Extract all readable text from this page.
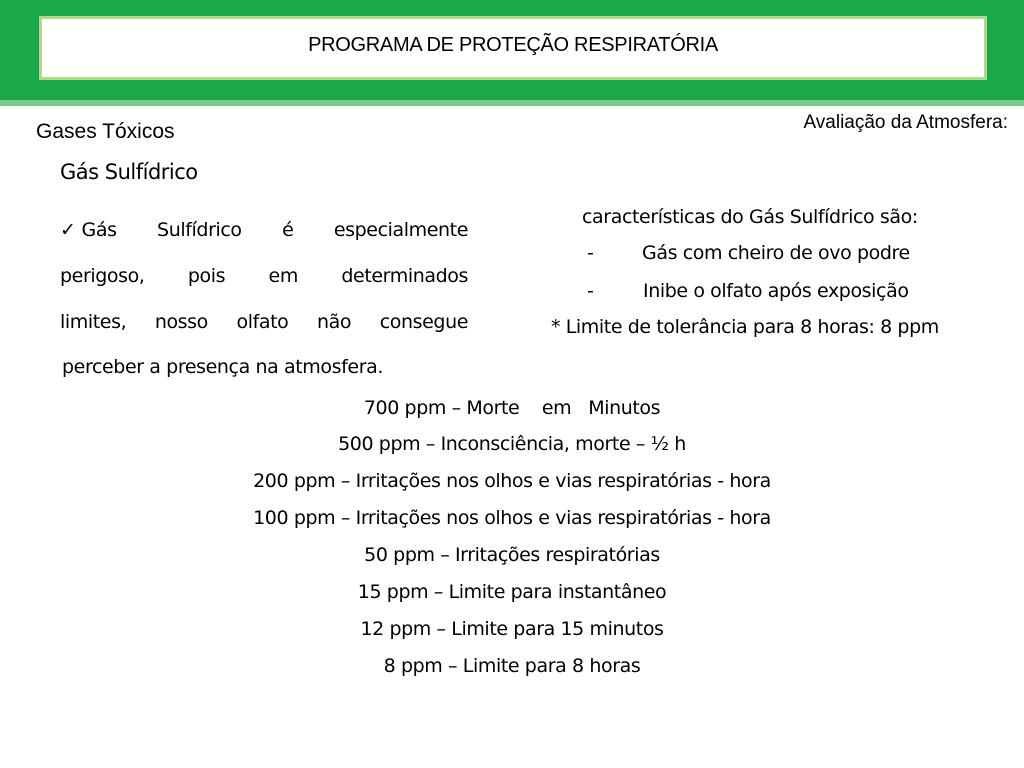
PROGRAMA DE PROTEÇÃO RESPIRATÓRIA
Gases Tóxicos
Gás Sulfídrico
Avaliação da Atmosfera:
✓ Gás Sulfídrico é especialmente
perigoso, pois em determinados
limites, nosso olfato não consegue
perceber a presença na atmosfera.
características do Gás Sulfídrico são:
-	Gás com cheiro de ovo podre
-	Inibe o olfato após exposição
* Limite de tolerância para 8 horas: 8 ppm
700 ppm – Morte    em   Minutos
500 ppm – Inconsciência, morte – ½ h
200 ppm – Irritações nos olhos e vias respiratórias - hora
100 ppm – Irritações nos olhos e vias respiratórias - hora
50 ppm – Irritações respiratórias
15 ppm – Limite para instantâneo
12 ppm – Limite para 15 minutos
8 ppm – Limite para 8 horas
